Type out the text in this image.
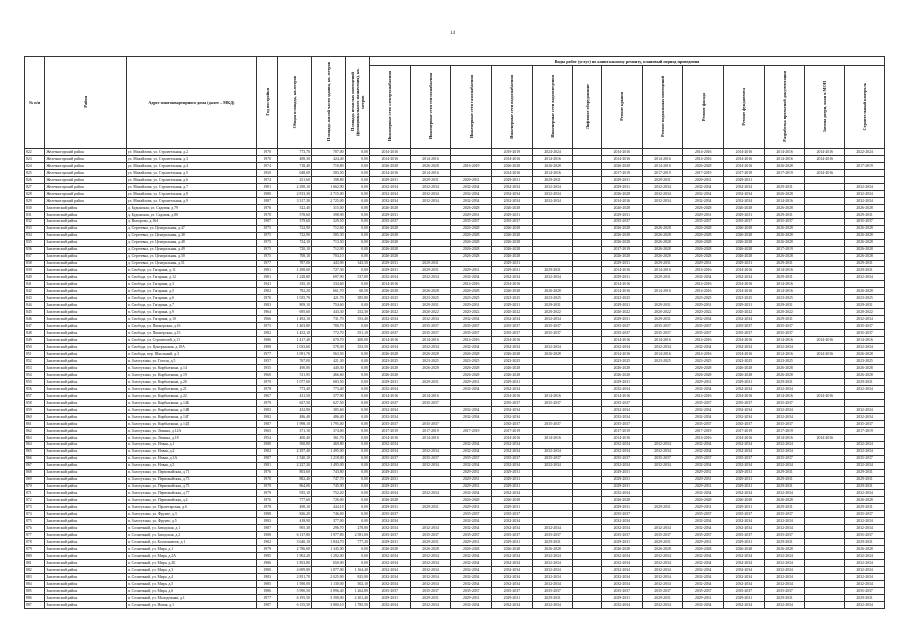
14
№ п/п	Район	Адрес многоквартирного дома (далее – МКД)	Год постройки	Общая площадь, кв.метров	Площадь жилой части здания, кв. метров	Площадь нежилых помещений (функционального назначения), кв. метров	Виды работ (услуг) по капитальному ремонту, плановый период проведения												
							Инженерные сети электроснабжения	Инженерные сети теплоснабжения	Инженерные сети газоснабжения	Инженерные сети водоснабжения	Инженерные сети водоотведения	Лифтовое оборудование	Ремонт крыши	Ремонт подвальных помещений	Ремонт фасада	Ремонт фундамента	Разработка проектной документации	Замена двери, окон в МОП	Строительный контроль
822	Железногорский район	ул. Михайлова, ул. Строительная, д.2	1970	773,70	707,00	0,00	2014-2016			2019-2019	2024-2024		2014-2016		2014-2016	2014-2016	2014-2016	2014-2016	2022-2024
823	Железногорский район	ул. Михайлова, ул. Строительная, д.3	1970	488,30	424,40	0,00	2014-2016	2014-2016		2014-2016	2014-2016		2014-2016	2014-2016	2014-2016	2014-2016	2014-2016	2014-2016	
824	Железногорский район	ул. Михайлова, ул. Строительная, д.4	1974	718,40	710,80	0,00	2026-2028	2026-2028	2016-2019	2026-2028	2026-2028		2026-2028	2014-2016	2026-2028	2014-2016	2026-2028		2017-2019
825	Железногорский район	ул. Михайлова, ул. Строительная, д.5	1950	648,00	583,50	0,00	2014-2016	2014-2016		2014-2016	2014-2016		2017-2019	2017-2019	2017-2019	2017-2019	2017-2019	2014-2016	
826	Железногорский район	ул. Михайлова, ул. Строительная, д.6	1974	251,60	198,80	0,00	2029-2031	2029-2031	2029-2031	2029-2031	2029-2031		2029-2031	2029-2031	2029-2031	2029-2031			
827	Железногорский район	ул. Михайлова, ул. Строительная, д.7	1981	2 290,10	1 662,90	0,00	2032-2034	2032-2034	2032-2034	2032-2034	2032-2034		2029-2031	2032-2034	2032-2034	2032-2034	2029-2031		2032-2034
828	Железногорский район	ул. Михайлова, ул. Строительная, д.8	1980	2 813,30	2 715,00	0,00	2032-2034	2032-2034	2032-2034	2032-2034	2032-2034		2026-2028	2032-2034	2032-2034	2032-2034	2026-2028		2032-2034
829	Железногорский район	ул. Михайлова, ул. Строительная, д.9	1987	3 317,30	2 725,00	0,00	2032-2034	2032-2034	2032-2034	2032-2034	2032-2034		2014-2016	2032-2034	2032-2034	2032-2034	2014-2016		2032-2034
830	Заилтовский район	д. Будынская, ул. Садовая, д.79	1976	522,40	315,00	0,00	2026-2028		2026-2028	2026-2028			2026-2028		2026-2028	2026-2028	2026-2028		2026-2028
831	Заилтовский район	д. Будынская, ул. Садовая, д.80	1978	578,60	398,90	0,00	2029-2031		2029-2031	2029-2031			2029-2031		2029-2031	2029-2031	2029-2031		2029-2031
832	Заилтовский район	д. Выгорово, д.164	1987	379,60	329,50	0,00	2035-2037		2035-2037	2035-2037			2035-2037		2035-2037	2035-2037	2035-2037		2035-2037
833	Заилтовский район	д. Сергеевка, ул. Центральная, д.47	1975	722,90	712,60	0,00	2026-2028		2026-2028	2026-2028			2026-2028	2026-2028	2026-2028	2026-2028	2026-2028		2026-2028
834	Заилтовский район	д. Сергеевка, ул. Центральная, д.38	1975	722,90	585,30	0,00	2026-2028		2026-2028	2026-2028			2026-2028	2026-2028	2026-2028	2026-2028	2026-2028		2026-2028
835	Заилтовский район	д. Сергеевка, ул. Центральная, д.48	1975	724,10	713,50	0,00	2026-2028		2026-2028	2026-2028			2026-2028	2026-2028	2026-2028	2026-2028	2026-2028		2026-2028
836	Заилтовский район	д. Сергеевка, ул. Центральная, д.49	1975	720,10	712,90	0,00	2026-2028		2026-2028	2026-2028			2017-2019	2026-2028	2026-2028	2026-2028	2017-2019		2026-2028
837	Заилтовский район	д. Сергеевка, ул. Центральная, д.50	1975	708,10	704,10	0,00	2026-2028		2026-2028	2026-2028			2026-2028	2026-2028	2026-2028	2026-2028	2026-2028		2026-2028
838	Заилтовский район	д. Сергеевка, ул. Центральная, д.51	1977	787,00	443,90	343,50	2029-2031	2029-2031		2029-2031			2029-2031	2029-2031	2029-2031	2029-2031	2029-2031		2029-2031
839	Заилтовский район	п. Свобода, ул. Гагарина, д.11	1981	1 298,00	727,30	0,00	2029-2031	2029-2031	2029-2031	2029-2031	2029-2031		2014-2016	2014-2016	2014-2016	2014-2016	2014-2016		2029-2031
840	Заилтовский район	п. Свобода, ул. Гагарина, д.12	1981	1 228,80	697,90	537,80	2032-2034	2032-2034	2032-2034	2032-2034	2032-2034		2029-2031	2029-2031	2032-2034	2032-2034	2029-2031		2032-2034
841	Заилтовский район	п. Свобода, ул. Гагарина, д.3	1941	335,10	334,60	0,00	2014-2016		2014-2016	2014-2016			2014-2016		2014-2016	2014-2016	2014-2016		
842	Заилтовский район	п. Свобода, ул. Гагарина, д.5	1982	782,20	661,70	60,50	2026-2028	2026-2028	2026-2028	2026-2028	2026-2028		2014-2016	2014-2016	2014-2016	2014-2016	2014-2016		2026-2028
843	Заилтовский район	п. Свобода, ул. Гагарина, д.6	1970	1 035,70	421,70	385,80	2023-2025	2023-2025	2023-2025	2023-2025	2023-2025		2023-2025		2023-2025	2023-2025	2023-2025		2023-2025
844	Заилтовский район	п. Свобода, ул. Гагарина, д.7	1983	809,10	754,60	0,00	2029-2031	2029-2031	2029-2031	2029-2031	2029-2031		2029-2031	2029-2031	2029-2031	2029-2031	2029-2031		2029-2031
845	Заилтовский район	п. Свобода, ул. Гагарина, д.9	1964	695,60	443,30	252,30	2020-2022	2020-2022	2020-2022	2020-2022	2020-2022		2020-2022	2020-2022	2020-2022	2020-2022	2020-2022		2020-2022
846	Заилтовский район	п. Свобода, ул. Гагарина, д.10	1966	1 492,10	731,70	553,40	2032-2034	2032-2034	2032-2034	2032-2034	2032-2034		2029-2031	2029-2031	2032-2034	2032-2034	2029-2031		2032-2034
847	Заилтовский район	п. Свобода, ул. Пионерская, д.16	1975	1 403,80	780,70	0,00	2035-2037	2035-2037	2035-2037	2035-2037	2035-2037		2035-2037	2035-2037	2035-2037	2035-2037	2035-2037		2035-2037
848	Заилтовский район	п. Свобода, ул. Пионерская, д.15	1982	1 452,10	772,70	551,10	2035-2037	2035-2037	2035-2037	2035-2037	2035-2037		2035-2037	2035-2037	2035-2037	2035-2037	2035-2037		2035-2037
849	Заилтовский район	п. Свобода, ул. Строителей, д.11	1986	1 417,40	670,70	400,00	2014-2016	2014-2016	2014-2016	2014-2016			2014-2016	2014-2016	2014-2016	2014-2016	2014-2016	2014-2016	2014-2016
850	Заилтовский район	п. Свобода, ул. Центральная, д.10А	1988	1 033,60	578,30	353,50	2032-2034	2032-2034	2032-2034	2032-2034	2032-2034		2032-2034	2032-2034	2032-2034	2032-2034	2032-2034		2032-2034
851	Заилтовский район	п. Свобода, пер. Школьный, д.3	1977	1 091,70	563,50	0,00	2026-2028	2026-2028	2026-2028	2026-2028	2026-2028		2014-2016	2014-2016	2014-2016	2014-2016	2014-2016	2014-2016	2026-2028
852	Заилтовский район	п. Золотухино, ул. Гоголя, д.5	1957	767,00	421,30	0,00	2023-2025	2023-2025	2023-2025	2023-2025			2023-2025	2023-2025	2023-2025	2023-2025	2023-2025		2023-2025
853	Заилтовский район	п. Золотухино, ул. Кирбыткина, д.14	1955	490,00	440,30	0,00	2026-2028	2026-2028	2026-2028	2026-2028			2026-2028		2026-2028	2026-2028	2026-2028		2026-2028
854	Заилтовский район	п. Золотухино, ул. Кирбыткина, д.19	1960	511,95	466,60	0,00	2026-2028		2026-2028	2026-2028			2026-2028		2026-2028	2026-2028	2026-2028		2026-2028
855	Заилтовский район	п. Золотухино, ул. Кирбыткина, д.20	1970	1 077,60	683,50	0,00	2029-2031	2029-2031	2029-2031	2029-2031			2029-2031		2029-2031	2029-2031	2029-2031		2029-2031
856	Заилтовский район	п. Золотухино, ул. Кирбыткина, д.21	1978	773,40	773,40	0,00	2032-2034		2032-2034	2032-2034			2032-2034		2032-2034	2032-2034	2032-2034		2032-2034
857	Заилтовский район	п. Золотухино, ул. Кирбыткина, д.22	1967	431,50	377,90	0,00	2014-2016	2014-2016		2014-2016	2014-2016		2014-2016		2014-2016	2014-2016	2014-2016	2014-2016	
858	Заилтовский район	п. Золотухино, ул. Кирбыткина, д.14Б	1979	627,50	627,50	0,00	2035-2037	2035-2037		2035-2037	2035-2037		2035-2037		2035-2037	2035-2037	2035-2037		
859	Заилтовский район	п. Золотухино, ул. Кирбыткина, д.14В	1983	432,80	385,60	0,00	2032-2034		2032-2034	2032-2034			2032-2034		2032-2034	2032-2034	2032-2034		2032-2034
860	Заилтовский район	п. Золотухино, ул. Кирбыткина, д.14Г	1982	486,40	486,40	0,00	2032-2034		2032-2034	2032-2034			2032-2034		2032-2034	2032-2034	2032-2034		2032-2034
861	Заилтовский район	п. Золотухино, ул. Кирбыткина, д.14Д	1987	1 998,10	1 795,00	0,00	2035-2037	2035-2037		2035-2037	2035-2037		2035-2037		2035-2037	2035-2037	2035-2037		2035-2037
862	Заилтовский район	п. Золотухино, ул. Ленина, д.12А	1965	371,10	374,00	0,00	2017-2019	2017-2019	2017-2019	2017-2019			2017-2019		2017-2019	2017-2019	2017-2019		2017-2019
863	Заилтовский район	п. Золотухино, ул. Ленина, д.18	1954	400,40	361,70	0,00	2014-2016	2014-2016		2014-2016	2014-2016		2014-2016		2014-2016	2014-2016	2014-2016	2014-2016	
864	Заилтовский район	п. Золотухино, ул. Новая, д.1	1980	500,80	469,80	0,00	2032-2034		2032-2034	2032-2034			2032-2034	2032-2034	2032-2034	2032-2034	2032-2034		2032-2034
865	Заилтовский район	п. Золотухино, ул. Новая, д.2	1982	2 297,40	1 495,00	0,00	2032-2034	2032-2034	2032-2034	2032-2034	2032-2034		2032-2034	2032-2034	2032-2034	2032-2034	2032-2034		2032-2034
866	Заилтовский район	п. Золотухино, ул. Новая, д.3А	1987	1 540,10	1 218,00	0,00	2035-2037	2035-2037	2035-2037	2035-2037	2035-2037		2035-2037	2035-2037	2035-2037	2035-2037	2035-2037		2035-2037
867	Заилтовский район	п. Золотухино, ул. Новая, д.5	1981	2 227,30	1 495,00	0,00	2032-2034	2032-2034	2032-2034	2032-2034	2032-2034		2032-2034	2032-2034	2032-2034	2032-2034	2032-2034		2032-2034
868	Заилтовский район	п. Золотухино, ул. Первомайская, д.71	1976	803,60	743,80	0,00	2029-2031		2029-2031	2029-2031			2029-2031		2029-2031	2029-2031	2029-2031		2029-2031
869	Заилтовский район	п. Золотухино, ул. Первомайская, д.73	1978	882,40	747,70	0,00	2029-2031		2029-2031	2029-2031			2029-2031		2029-2031	2029-2031	2029-2031		2029-2031
870	Заилтовский район	п. Золотухино, ул. Первомайская, д.75	1978	864,00	745,90	0,00	2029-2031		2029-2031	2029-2031			2029-2031		2029-2031	2029-2031	2029-2031		2029-2031
871	Заилтовский район	п. Золотухино, ул. Первомайская, д.77	1979	935,10	752,20	0,00	2032-2034	2032-2034	2032-2034	2032-2034			2032-2034		2032-2034	2032-2034	2032-2034		2032-2034
872	Заилтовский район	п. Золотухино, ул. Первомайская, д.4	1976	777,60	726,00	0,00	2026-2028		2026-2028	2026-2028			2026-2028		2026-2028	2026-2028	2026-2028		2026-2028
873	Заилтовский район	п. Золотухино, ул. Пролетарская, д.6	1978	490,10	444,10	0,00	2029-2031	2029-2031	2029-2031	2029-2031			2029-2031	2029-2031	2029-2031	2029-2031	2029-2031		2029-2031
874	Заилтовский район	п. Золотухино, ул. Фрунзе, д.3	1988	826,20	746,00	0,00	2035-2037		2035-2037	2035-2037			2035-2037		2035-2037	2035-2037	2035-2037		2035-2037
875	Заилтовский район	п. Золотухино, ул. Фрунзе, д.5	1983	418,90	377,00	0,00	2032-2034		2032-2034	2032-2034			2032-2034		2032-2034	2032-2034	2032-2034		2032-2034
876	Заилтовский район	п. Солнечный, ул. Заводская, д.1	1987	905,30	296,70	278,80	2032-2034	2032-2034	2032-2034	2032-2034	2032-2034		2032-2034	2032-2034	2032-2034	2032-2034	2032-2034		2032-2034
877	Заилтовский район	п. Солнечный, ул. Заводская, д.2	1988	6 137,80	1 977,80	2 581,00	2035-2037	2035-2037	2035-2037	2035-2037	2035-2037		2035-2037	2035-2037	2035-2037	2035-2037	2035-2037		2035-2037
878	Заилтовский район	п. Солнечный, ул. Космонавтов, д.1	1982	3 640,10	1 844,70	777,20	2029-2031	2029-2031	2029-2031	2029-2031	2029-2031		2029-2031	2029-2031	2029-2031	2029-2031	2029-2031		2029-2031
879	Заилтовский район	п. Солнечный, ул. Мира, д.1	1979	2 786,00	1 345,00	0,00	2026-2028	2026-2028	2026-2028	2026-2028	2026-2028		2026-2028	2026-2028	2026-2028	2026-2028	2026-2028		2026-2028
880	Заилтовский район	п. Солнечный, ул. Мира, д.2А	1985	1 902,20	1 292,00	0,00	2032-2034	2032-2034	2032-2034	2032-2034	2032-2034		2032-2034	2032-2034	2032-2034	2032-2034	2032-2034		2032-2034
881	Заилтовский район	п. Солнечный, ул. Мира, д.2Б	1986	1 853,80	650,00	0,00	2032-2034	2032-2034	2032-2034	2032-2034	2032-2034		2032-2034	2032-2034	2032-2034	2032-2034	2032-2034		2032-2034
882	Заилтовский район	п. Солнечный, ул. Мира, д.3	1980	4 699,80	1 877,00	1 164,40	2032-2034	2032-2034	2032-2034	2032-2034	2032-2034		2032-2034	2032-2034	2032-2034	2032-2034	2032-2034		2032-2034
883	Заилтовский район	п. Солнечный, ул. Мира, д.4	1983	2 851,70	2 025,90	825,80	2032-2034	2032-2034	2032-2034	2032-2034	2032-2034		2032-2034	2032-2034	2032-2034	2032-2034	2032-2034		2032-2034
884	Заилтовский район	п. Солнечный, ул. Мира, д.5	1985	1 590,00	1 130,00	502,10	2032-2034	2032-2034	2032-2034	2032-2034	2032-2034		2032-2034	2032-2034	2032-2034	2032-2034	2032-2034		2032-2034
885	Заилтовский район	п. Солнечный, ул. Мира, д.6	1986	5 990,50	3 896,40	1 262,80	2035-2037	2035-2037	2035-2037	2035-2037	2035-2037		2035-2037	2035-2037	2035-2037	2035-2037	2035-2037		2035-2037
886	Заилтовский район	п. Солнечный, ул. Молодежная, д.1	1977	6 195,50	3 390,00	2 261,40	2029-2031	2029-2031	2029-2031	2029-2031	2029-2031		2029-2031	2029-2031	2029-2031	2029-2031	2029-2031		2029-2031
887	Заилтовский район	п. Солнечный, ул. Новая, д.1	1987	6 155,50	3 800,10	1 785,50	2032-2034	2032-2034	2032-2034	2032-2034	2032-2034		2032-2034	2032-2034	2032-2034	2032-2034	2032-2034		2032-2034
